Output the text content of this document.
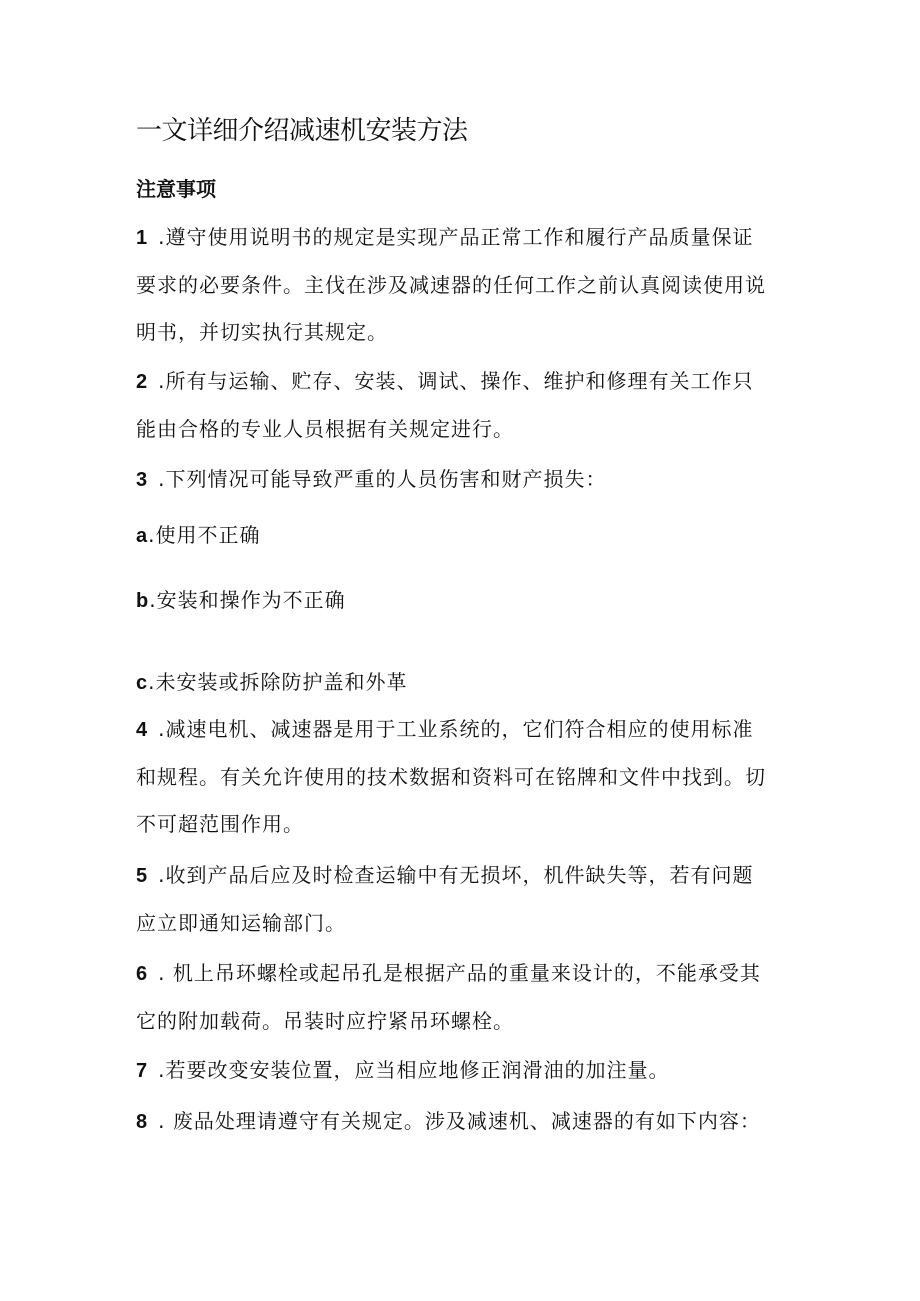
一文详细介绍减速机安装方法
注意事项
1 .遵守使用说明书的规定是实现产品正常工作和履行产品质量保证
要求的必要条件。主伐在涉及减速器的任何工作之前认真阅读使用说
明书，并切实执行其规定。
2 .所有与运输、贮存、安装、调试、操作、维护和修理有关工作只
能由合格的专业人员根据有关规定进行。
3 .下列情况可能导致严重的人员伤害和财产损失：
a.使用不正确
b.安装和操作为不正确
c.未安装或拆除防护盖和外革
4 .减速电机、减速器是用于工业系统的，它们符合相应的使用标准
和规程。有关允许使用的技术数据和资料可在铭牌和文件中找到。切
不可超范围作用。
5 .收到产品后应及时检查运输中有无损坏，机件缺失等，若有问题
应立即通知运输部门。
6 . 机上吊环螺栓或起吊孔是根据产品的重量来设计的，不能承受其
它的附加载荷。吊装时应拧紧吊环螺栓。
7 .若要改变安装位置，应当相应地修正润滑油的加注量。
8 . 废品处理请遵守有关规定。涉及减速机、减速器的有如下内容：
